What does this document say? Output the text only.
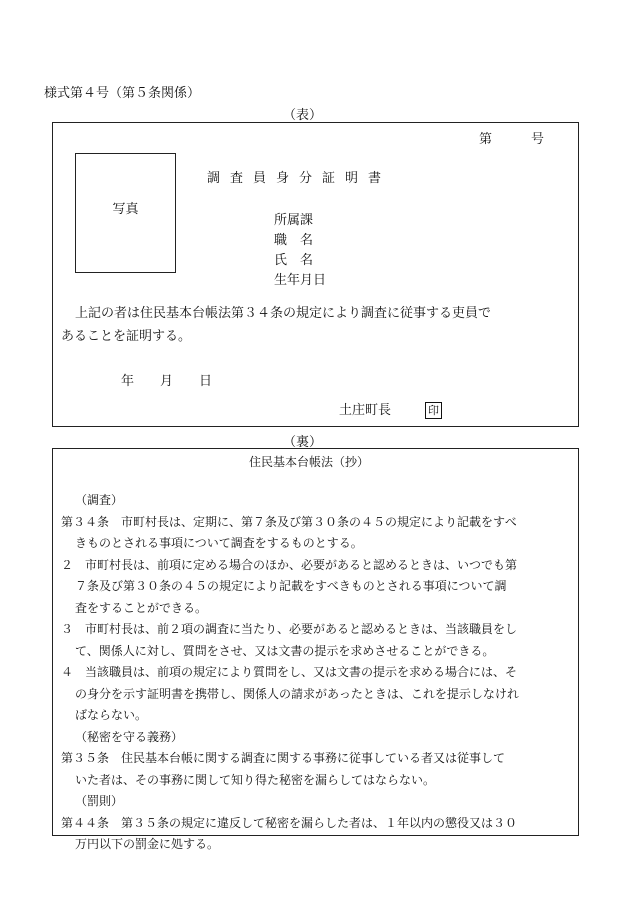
様式第４号（第５条関係）
（表）
第　　　号
写真
調査員身分証明書
所属課
職　名
氏　名
生年月日
上記の者は住民基本台帳法第３４条の規定により調査に従事する吏員で
あることを証明する。
年　　月　　日
土庄町長	印
（裏）
住民基本台帳法（抄）
（調査）
第３４条　市町村長は、定期に、第７条及び第３０条の４５の規定により記載をすべ
きものとされる事項について調査をするものとする。
２　市町村長は、前項に定める場合のほか、必要があると認めるときは、いつでも第
７条及び第３０条の４５の規定により記載をすべきものとされる事項について調
査をすることができる。
３　市町村長は、前２項の調査に当たり、必要があると認めるときは、当該職員をし
て、関係人に対し、質問をさせ、又は文書の提示を求めさせることができる。
４　当該職員は、前項の規定により質問をし、又は文書の提示を求める場合には、そ
の身分を示す証明書を携帯し、関係人の請求があったときは、これを提示しなけれ
ばならない。
（秘密を守る義務）
第３５条　住民基本台帳に関する調査に関する事務に従事している者又は従事して
いた者は、その事務に関して知り得た秘密を漏らしてはならない。
（罰則）
第４４条　第３５条の規定に違反して秘密を漏らした者は、１年以内の懲役又は３０
万円以下の罰金に処する。
